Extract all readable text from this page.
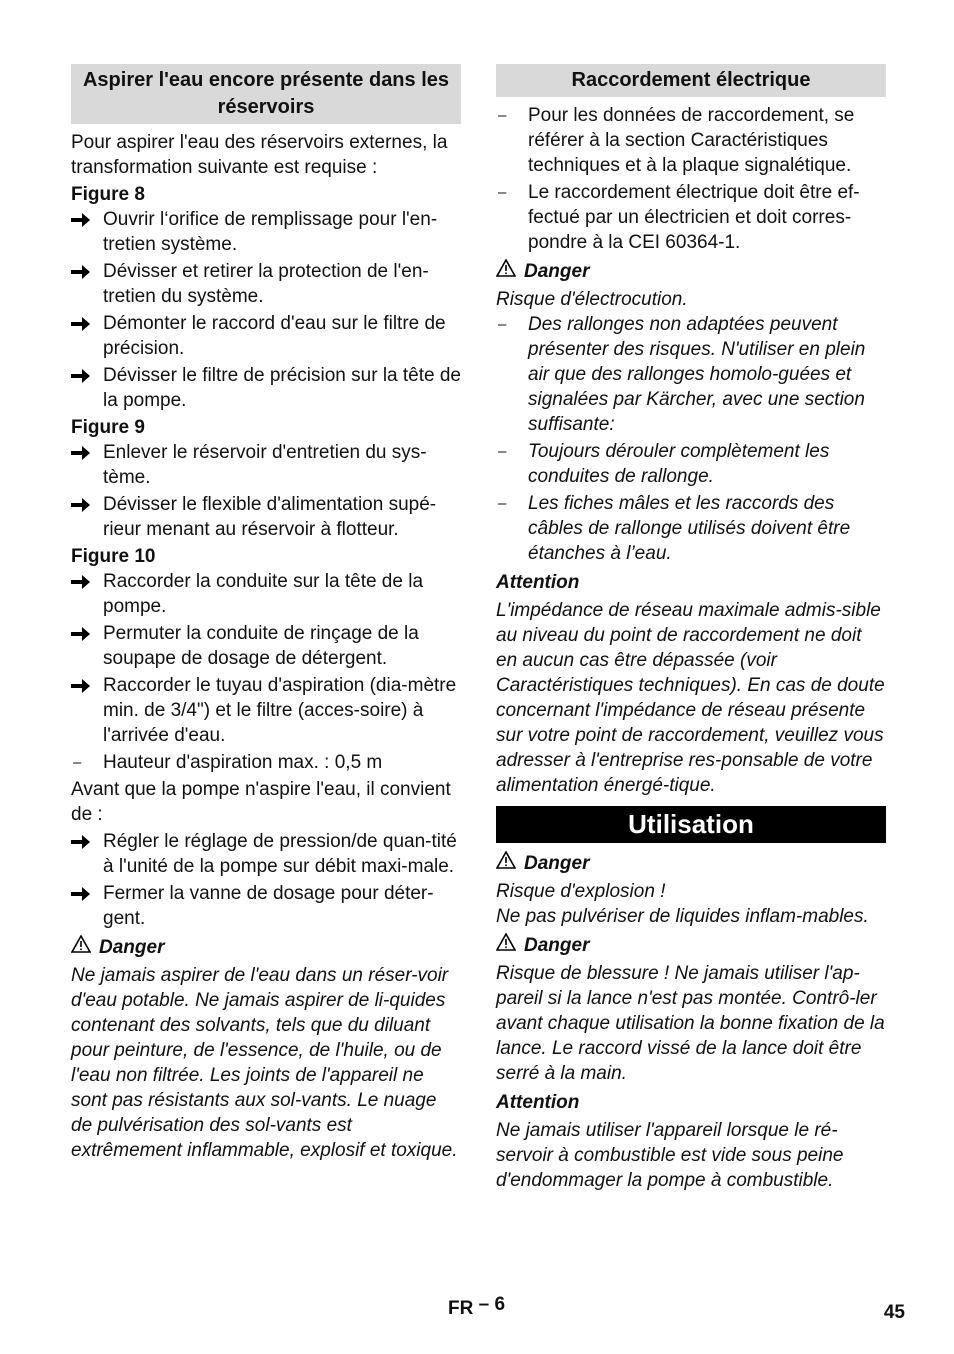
Aspirer l'eau encore présente dans les réservoirs

Pour aspirer l'eau des réservoirs externes, la transformation suivante est requise :

Figure 8

Ouvrir l‘orifice de remplissage pour l'en-tretien système.
Dévisser et retirer la protection de l'en-tretien du système.
Démonter le raccord d'eau sur le filtre de précision.
Dévisser le filtre de précision sur la tête de la pompe.

Figure 9

Enlever le réservoir d'entretien du sys-tème.
Dévisser le flexible d'alimentation supé-rieur menant au réservoir à flotteur.

Figure 10

Raccorder la conduite sur la tête de la pompe.
Permuter la conduite de rinçage de la soupape de dosage de détergent.
Raccorder le tuyau d'aspiration (dia-mètre min. de 3/4") et le filtre (acces-soire) à l'arrivée d'eau.
–	Hauteur d'aspiration max. : 0,5 m

Avant que la pompe n'aspire l'eau, il convient de :

Régler le réglage de pression/de quan-tité à l'unité de la pompe sur débit maxi-male.
Fermer la vanne de dosage pour déter-gent.
Danger

Ne jamais aspirer de l'eau dans un réser-voir d'eau potable. Ne jamais aspirer de li-quides contenant des solvants, tels que du diluant pour peinture, de l'essence, de l'huile, ou de l'eau non filtrée. Les joints de l'appareil ne sont pas résistants aux sol-vants. Le nuage de pulvérisation des sol-vants est extrêmement inflammable, explosif et toxique.

Raccordement électrique
–	Pour les données de raccordement, se référer à la section Caractéristiques techniques et à la plaque signalétique.
–	Le raccordement électrique doit être ef-fectué par un électricien et doit corres-pondre à la CEI 60364-1.
Danger

Risque d'électrocution.

–	Des rallonges non adaptées peuvent présenter des risques. N'utiliser en plein air que des rallonges homolo-guées et signalées par Kärcher, avec une section suffisante:
–	Toujours dérouler complètement les conduites de rallonge.
–	Les fiches mâles et les raccords des câbles de rallonge utilisés doivent être étanches à l’eau.
Attention

L'impédance de réseau maximale admis-sible au niveau du point de raccordement ne doit en aucun cas être dépassée (voir Caractéristiques techniques). En cas de doute concernant l'impédance de réseau présente sur votre point de raccordement, veuillez vous adresser à l'entreprise res-ponsable de votre alimentation énergé-tique.

Utilisation
Danger

Risque d'explosion !

Ne pas pulvériser de liquides inflam-mables.

Danger

Risque de blessure ! Ne jamais utiliser l'ap-pareil si la lance n'est pas montée. Contrô-ler avant chaque utilisation la bonne fixation de la lance. Le raccord vissé de la lance doit être serré à la main.

Attention

Ne jamais utiliser l'appareil lorsque le ré-servoir à combustible est vide sous peine d'endommager la pompe à combustible.

FR – 6	45
